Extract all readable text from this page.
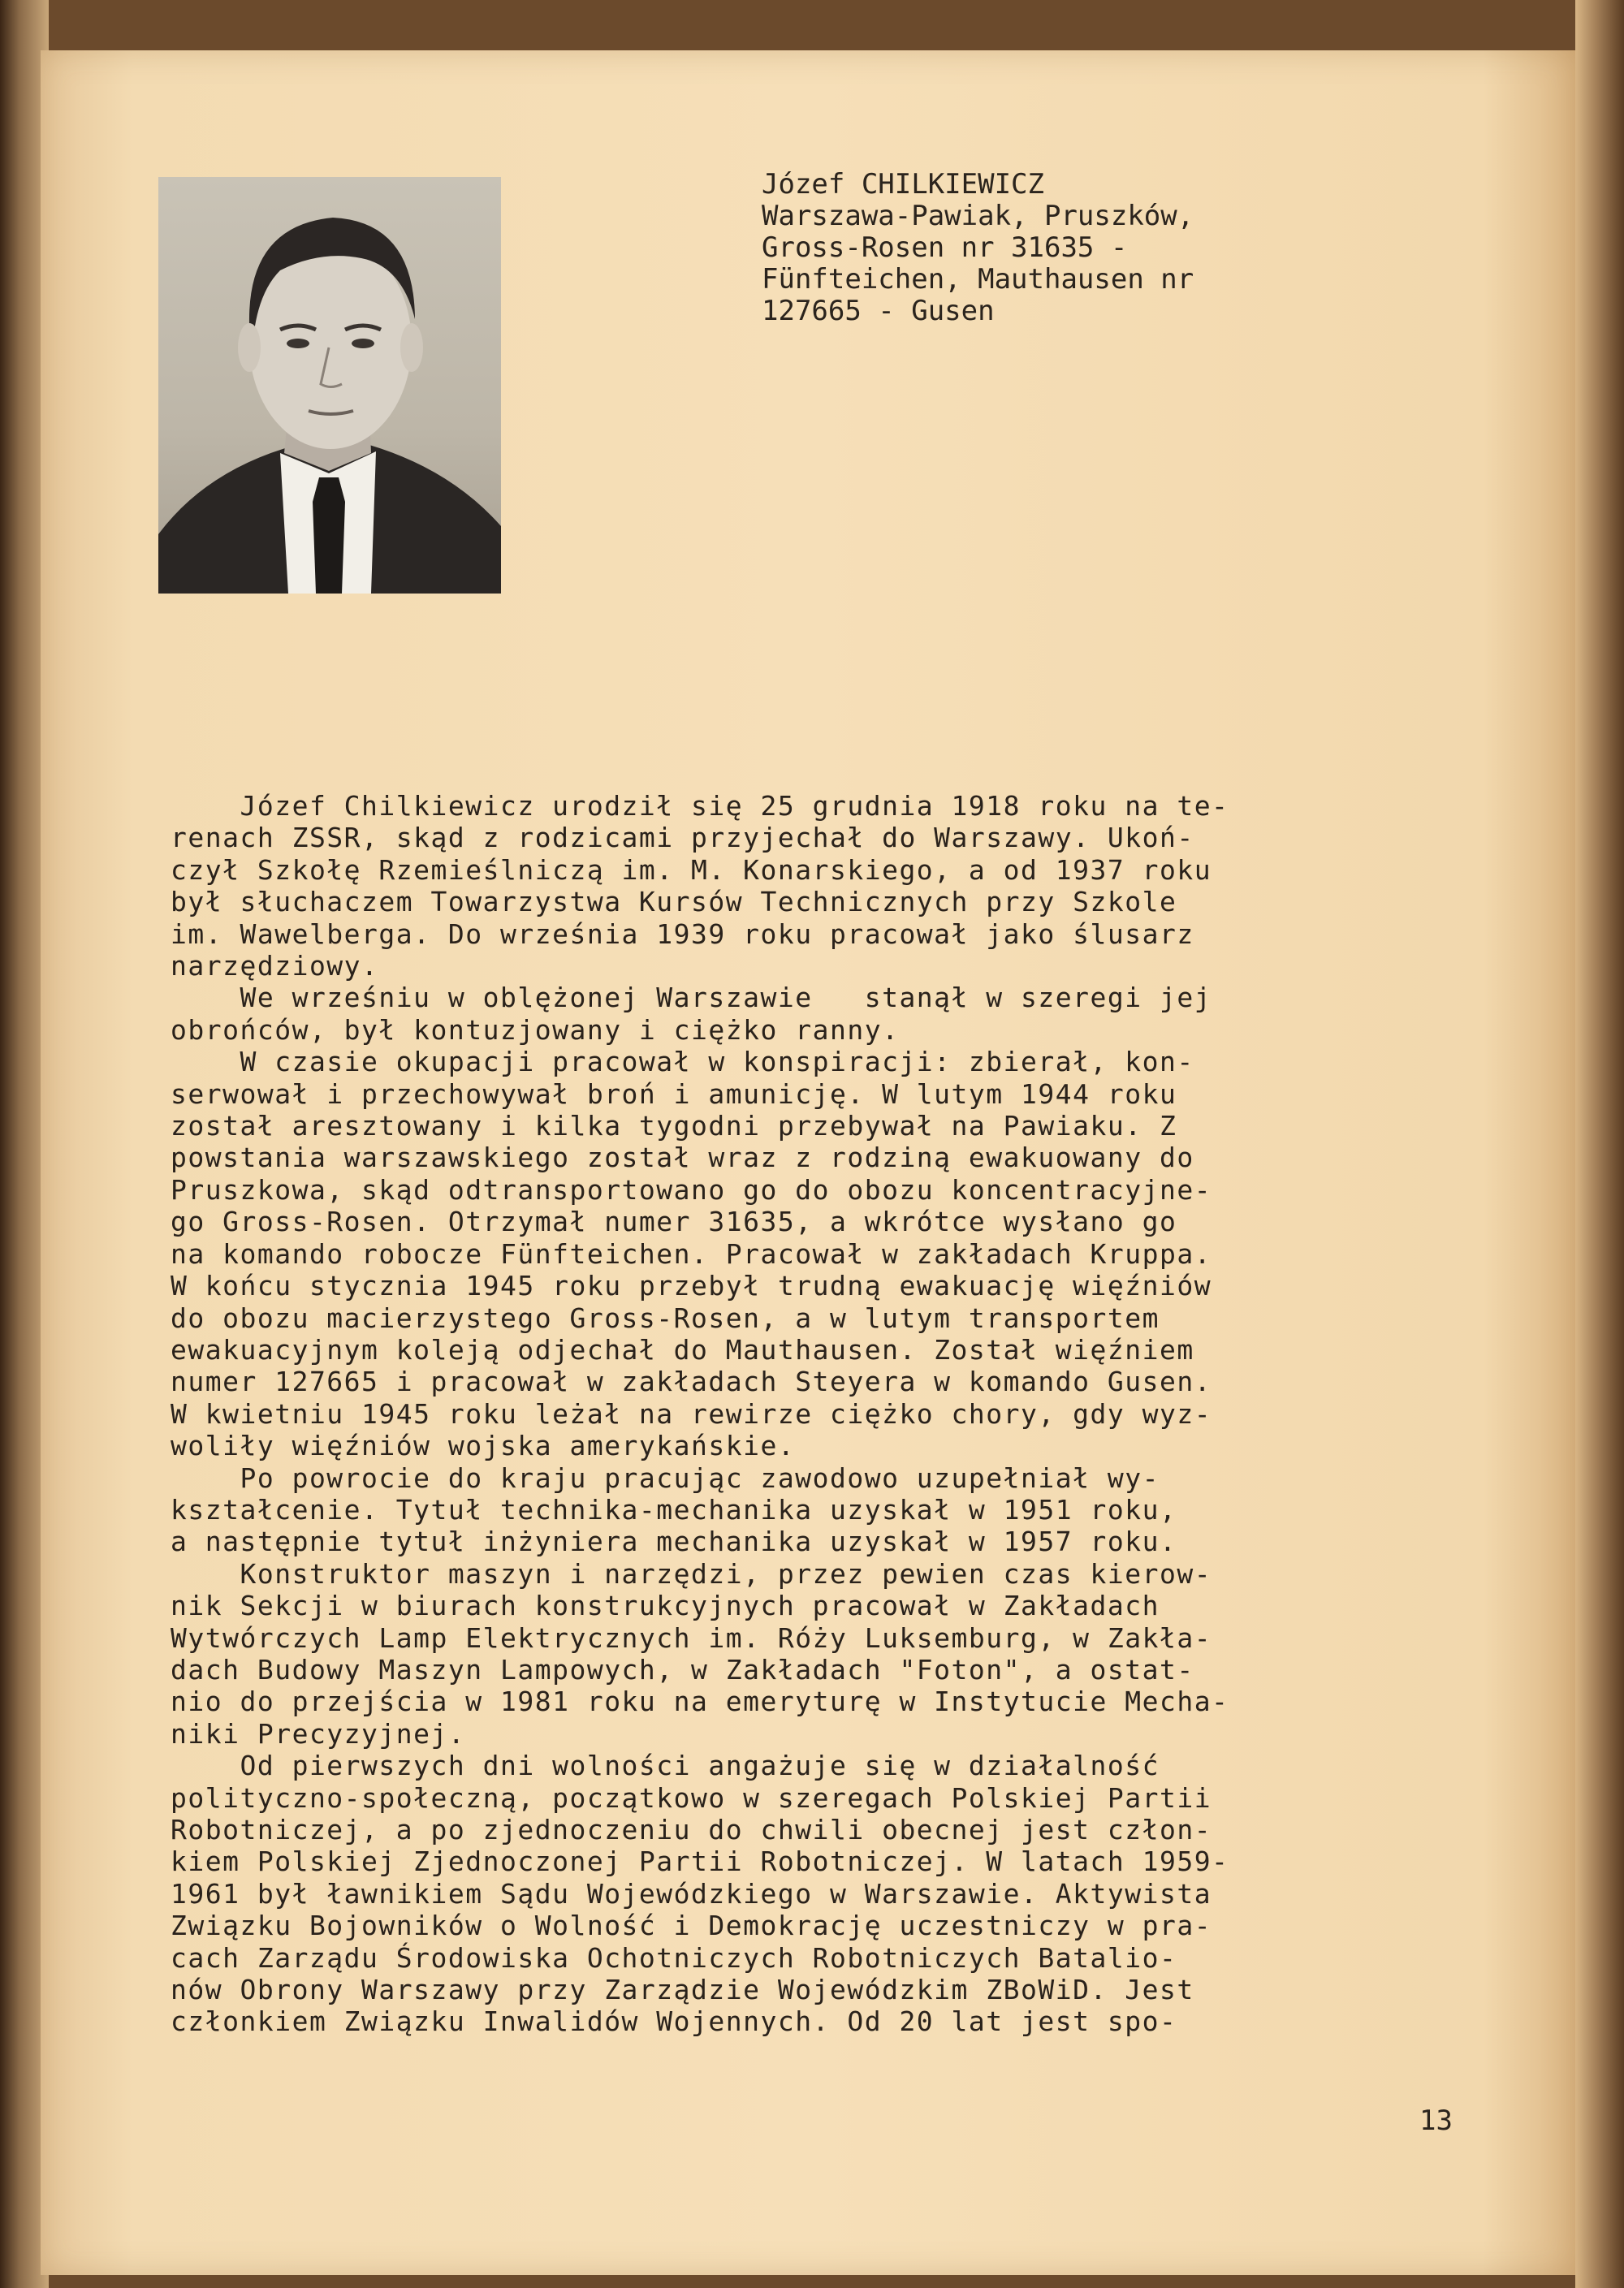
Józef CHILKIEWICZ
Warszawa-Pawiak, Pruszków,
Gross-Rosen nr 31635 -
Fünfteichen, Mauthausen nr
127665 - Gusen
Józef Chilkiewicz urodził się 25 grudnia 1918 roku na te-
renach ZSSR, skąd z rodzicami przyjechał do Warszawy. Ukoń-
czył Szkołę Rzemieślniczą im. M. Konarskiego, a od 1937 roku
był słuchaczem Towarzystwa Kursów Technicznych przy Szkole
im. Wawelberga. Do września 1939 roku pracował jako ślusarz
narzędziowy.
We wrześniu w oblężonej Warszawie   stanął w szeregi jej
obrońców, był kontuzjowany i ciężko ranny.
W czasie okupacji pracował w konspiracji: zbierał, kon-
serwował i przechowywał broń i amunicję. W lutym 1944 roku
został aresztowany i kilka tygodni przebywał na Pawiaku. Z
powstania warszawskiego został wraz z rodziną ewakuowany do
Pruszkowa, skąd odtransportowano go do obozu koncentracyjne-
go Gross-Rosen. Otrzymał numer 31635, a wkrótce wysłano go
na komando robocze Fünfteichen. Pracował w zakładach Kruppa.
W końcu stycznia 1945 roku przebył trudną ewakuację więźniów
do obozu macierzystego Gross-Rosen, a w lutym transportem
ewakuacyjnym koleją odjechał do Mauthausen. Został więźniem
numer 127665 i pracował w zakładach Steyera w komando Gusen.
W kwietniu 1945 roku leżał na rewirze ciężko chory, gdy wyz-
woliły więźniów wojska amerykańskie.
Po powrocie do kraju pracując zawodowo uzupełniał wy-
kształcenie. Tytuł technika-mechanika uzyskał w 1951 roku,
a następnie tytuł inżyniera mechanika uzyskał w 1957 roku.
Konstruktor maszyn i narzędzi, przez pewien czas kierow-
nik Sekcji w biurach konstrukcyjnych pracował w Zakładach
Wytwórczych Lamp Elektrycznych im. Róży Luksemburg, w Zakła-
dach Budowy Maszyn Lampowych, w Zakładach "Foton", a ostat-
nio do przejścia w 1981 roku na emeryturę w Instytucie Mecha-
niki Precyzyjnej.
Od pierwszych dni wolności angażuje się w działalność
polityczno-społeczną, początkowo w szeregach Polskiej Partii
Robotniczej, a po zjednoczeniu do chwili obecnej jest człon-
kiem Polskiej Zjednoczonej Partii Robotniczej. W latach 1959-
1961 był ławnikiem Sądu Wojewódzkiego w Warszawie. Aktywista
Związku Bojowników o Wolność i Demokrację uczestniczy w pra-
cach Zarządu Środowiska Ochotniczych Robotniczych Batalio-
nów Obrony Warszawy przy Zarządzie Wojewódzkim ZBoWiD. Jest
członkiem Związku Inwalidów Wojennych. Od 20 lat jest spo-
13
